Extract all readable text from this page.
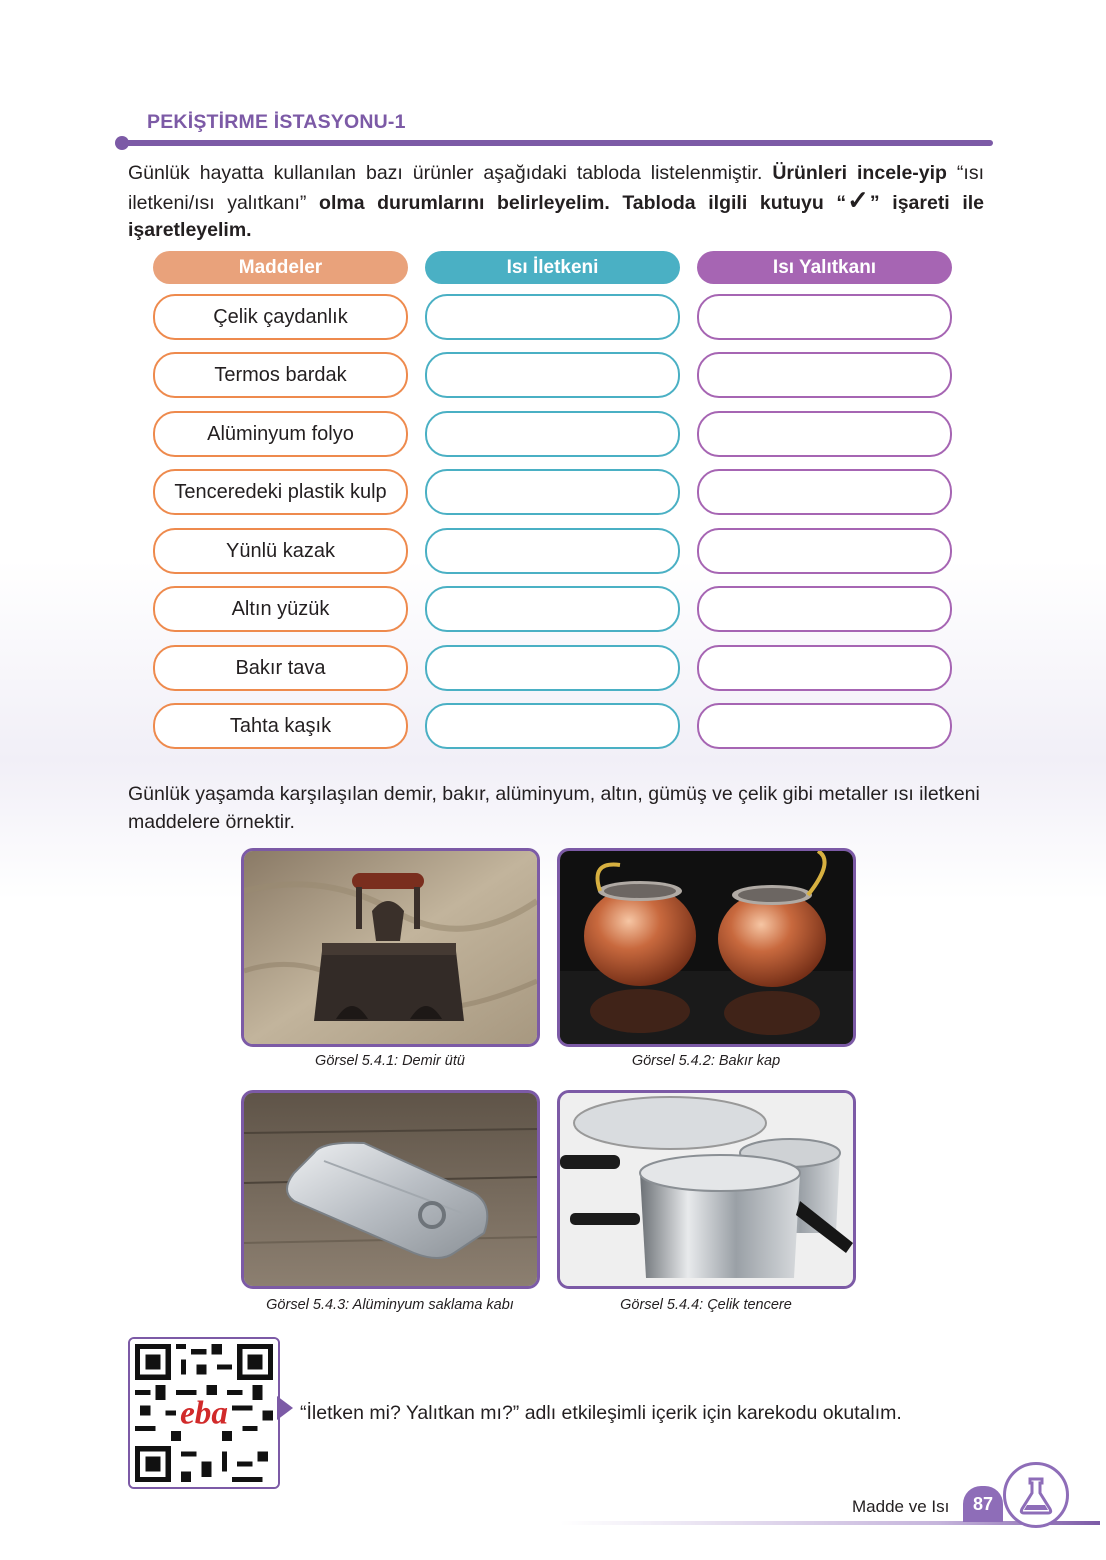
PEKİŞTİRME İSTASYONU-1
Günlük hayatta kullanılan bazı ürünler aşağıdaki tabloda listelenmiştir. Ürünleri incele-yip “ısı iletkeni/ısı yalıtkanı” olma durumlarını belirleyelim. Tabloda ilgili kutuyu “✓” işareti ile işaretleyelim.
Maddeler	Isı İletkeni	Isı Yalıtkanı
Çelik çaydanlık
Termos bardak
Alüminyum folyo
Tenceredeki plastik kulp
Yünlü kazak
Altın yüzük
Bakır tava
Tahta kaşık
Günlük yaşamda karşılaşılan demir, bakır, alüminyum, altın, gümüş ve çelik gibi metaller ısı iletkeni maddelere örnektir.
Görsel 5.4.1: Demir ütü	Görsel 5.4.2: Bakır kap
Görsel 5.4.3: Alüminyum saklama kabı	Görsel 5.4.4: Çelik tencere
eba	“İletken mi? Yalıtkan mı?” adlı etkileşimli içerik için karekodu okutalım.
Madde ve Isı	87
